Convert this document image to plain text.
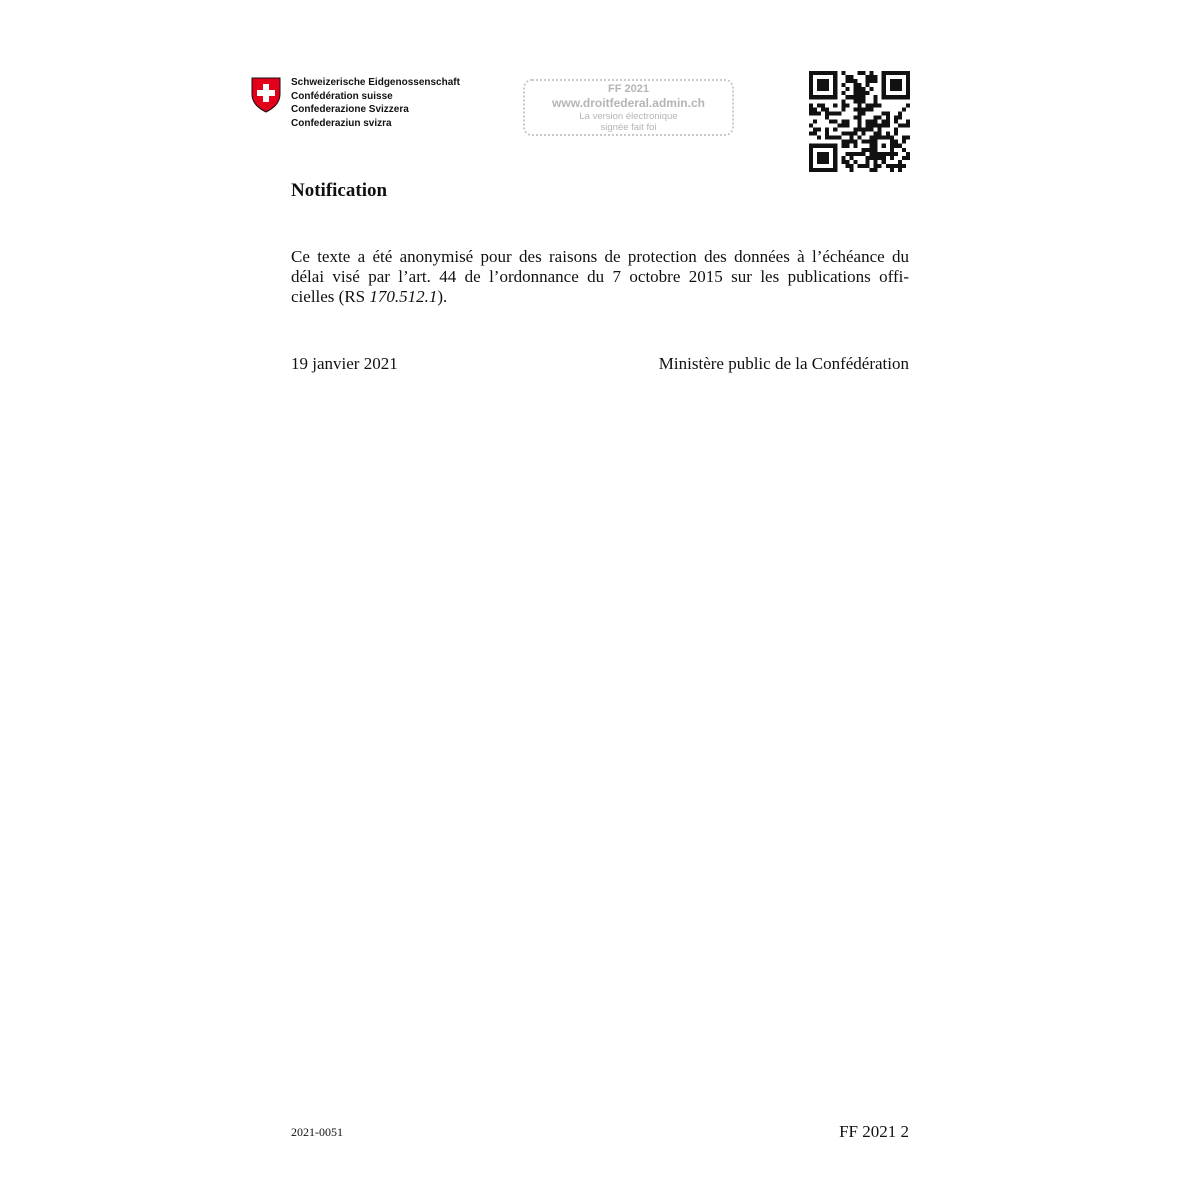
Schweizerische Eidgenossenschaft
Confédération suisse
Confederazione Svizzera
Confederaziun svizra
FF 2021
www.droitfederal.admin.ch
La version électronique
signée fait foi
Notification

Ce texte a été anonymisé pour des raisons de protection des données à l’échéance du
délai visé par l’art. 44 de l’ordonnance du 7 octobre 2015 sur les publications offi-
cielles (RS 170.512.1).

19 janvier 2021	Ministère public de la Confédération
2021-0051	FF 2021 2
